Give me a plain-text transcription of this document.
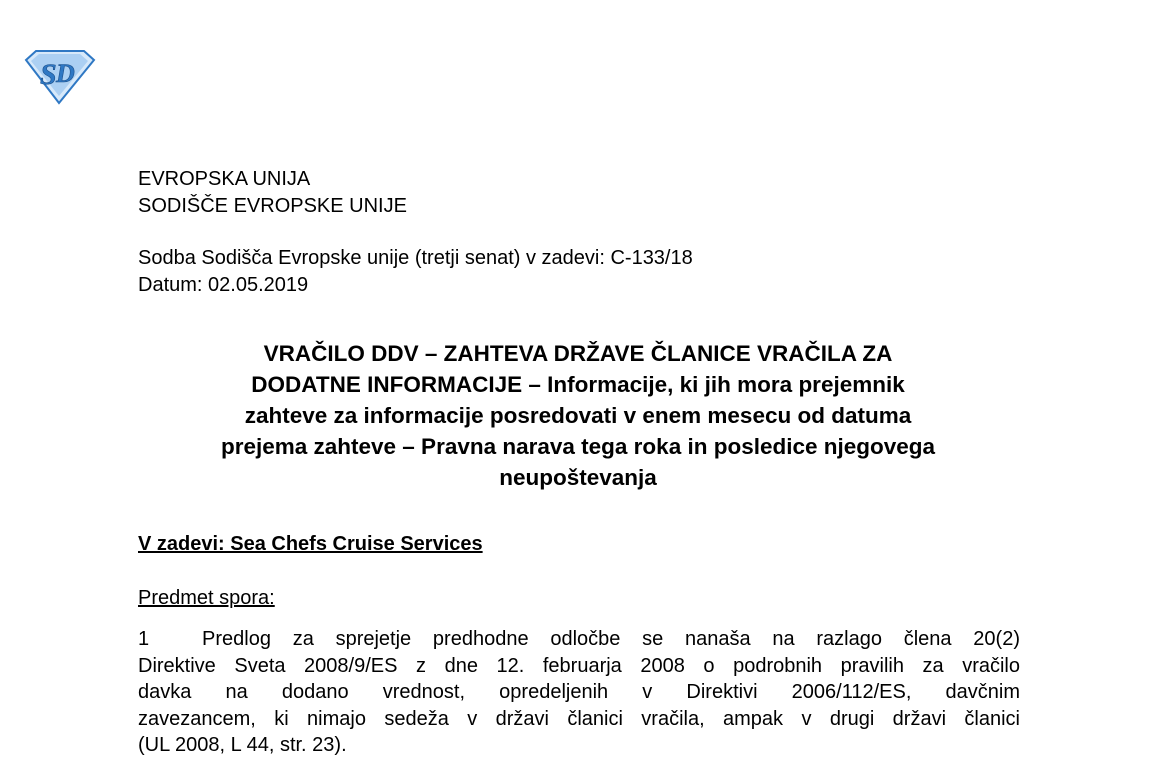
S D
EVROPSKA UNIJA
SODIŠČE EVROPSKE UNIJE
Sodba Sodišča Evropske unije (tretji senat) v zadevi: C-133/18
Datum: 02.05.2019
VRAČILO DDV – ZAHTEVA DRŽAVE ČLANICE VRAČILA ZA
DODATNE INFORMACIJE – Informacije, ki jih mora prejemnik
zahteve za informacije posredovati v enem mesecu od datuma
prejema zahteve – Pravna narava tega roka in posledice njegovega
neupoštevanja
V zadevi: Sea Chefs Cruise Services
Predmet spora:
1	Predlog za sprejetje predhodne odločbe se nanaša na razlago člena 20(2)
Direktive Sveta 2008/9/ES z dne 12. februarja 2008 o podrobnih pravilih za vračilo
davka na dodano vrednost, opredeljenih v Direktivi 2006/112/ES, davčnim
zavezancem, ki nimajo sedeža v državi članici vračila, ampak v drugi državi članici
(UL 2008, L 44, str. 23).
